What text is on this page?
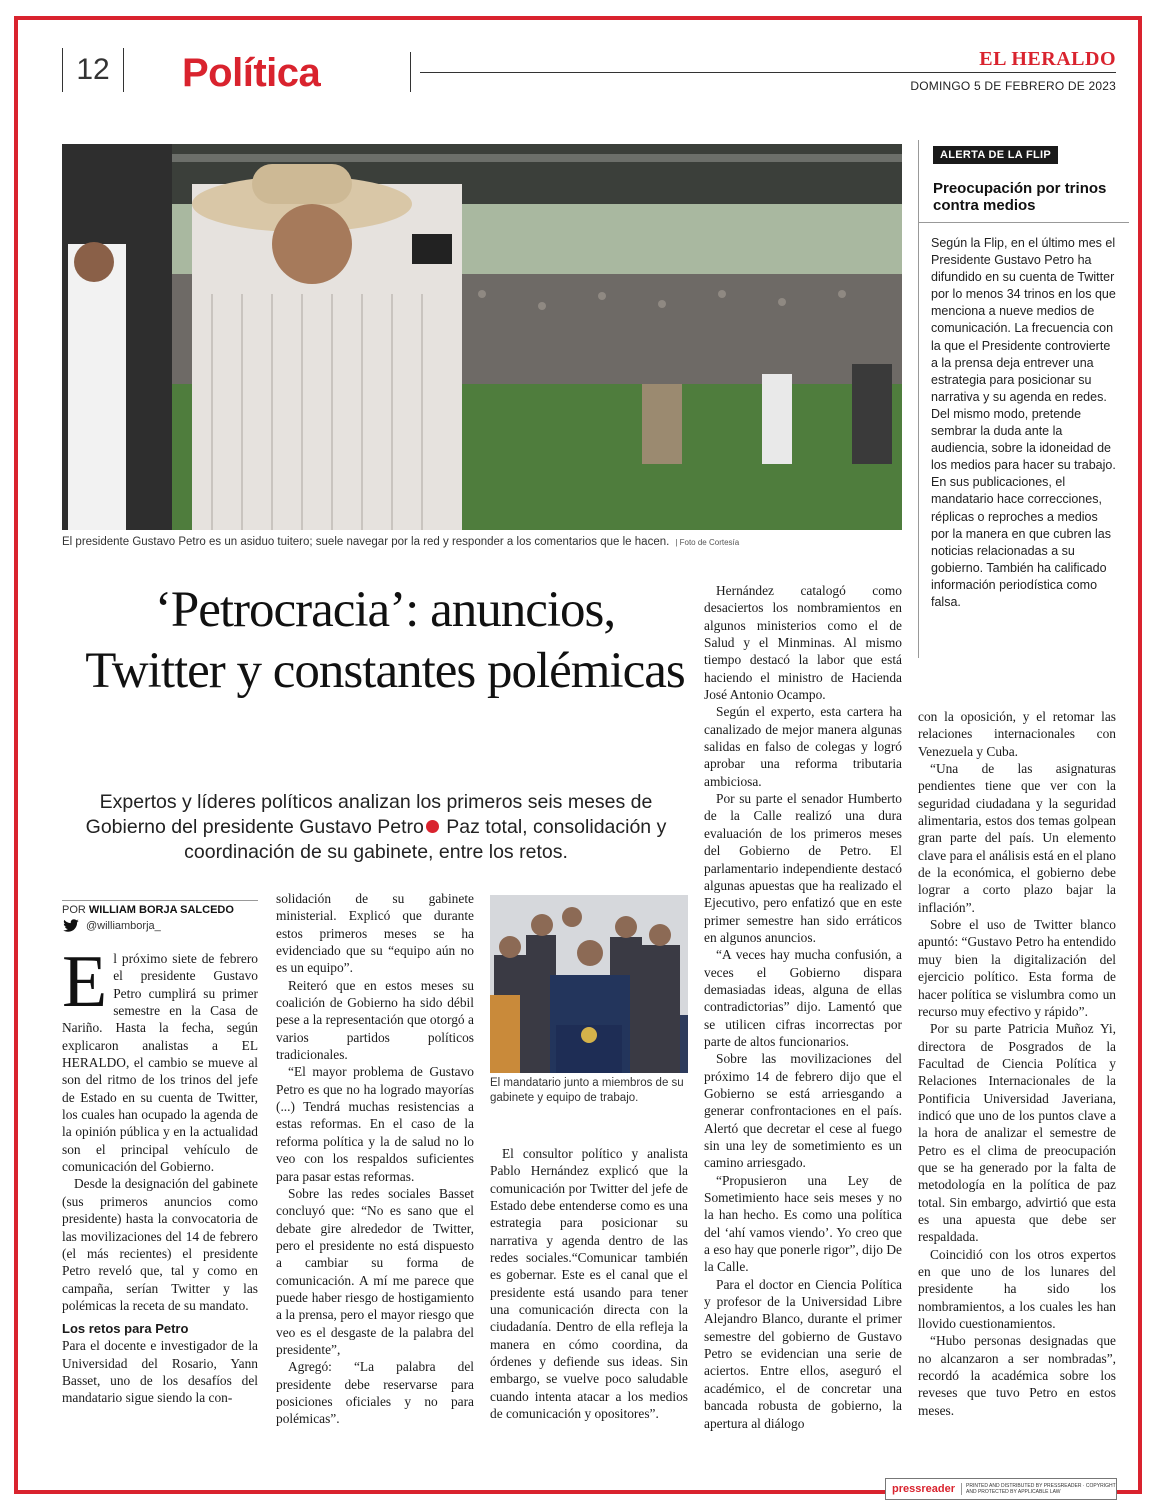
12	Política	EL HERALDO
DOMINGO 5 DE FEBRERO DE 2023
El presidente Gustavo Petro es un asiduo tuitero; suele navegar por la red y responder a los comentarios que le hacen. | Foto de Cortesía
ALERTA DE LA FLIP
Preocupación por trinos contra medios
Según la Flip, en el último mes el Presidente Gustavo Petro ha difundido en su cuenta de Twitter por lo menos 34 trinos en los que menciona a nueve medios de comunicación. La frecuencia con la que el Presidente controvierte a la prensa deja entrever una estrategia para posicionar su narrativa y su agenda en redes. Del mismo modo, pretende sembrar la duda ante la audiencia, sobre la idoneidad de los medios para hacer su trabajo. En sus publicaciones, el mandatario hace correcciones, réplicas o reproches a medios por la manera en que cubren las noticias relacionadas a su gobierno. También ha calificado información periodística como falsa.
‘Petrocracia’: anuncios, Twitter y constantes polémicas
Expertos y líderes políticos analizan los primeros seis meses de Gobierno del presidente Gustavo Petro Paz total, consolidación y coordinación de su gabinete, entre los retos.
POR WILLIAM BORJA SALCEDO
@williamborja_

El próximo siete de febrero el presidente Gustavo Petro cumplirá su primer semestre en la Casa de Nariño. Hasta la fecha, según explicaron analistas a EL HERALDO, el cambio se mueve al son del ritmo de los trinos del jefe de Estado en su cuenta de Twitter, los cuales han ocupado la agenda de la opinión pública y en la actualidad son el principal vehículo de comunicación del Gobierno.

Desde la designación del gabinete (sus primeros anuncios como presidente) hasta la convocatoria de las movilizaciones del 14 de febrero (el más recientes) el presidente Petro reveló que, tal y como en campaña, serían Twitter y las polémicas la receta de su mandato.

Los retos para Petro

Para el docente e investigador de la Universidad del Rosario, Yann Basset, uno de los desafíos del mandatario sigue siendo la con-

solidación de su gabinete ministerial. Explicó que durante estos primeros meses se ha evidenciado que su “equipo aún no es un equipo”.

Reiteró que en estos meses su coalición de Gobierno ha sido débil pese a la representación que otorgó a varios partidos políticos tradicionales.

“El mayor problema de Gustavo Petro es que no ha logrado mayorías (...) Tendrá muchas resistencias a estas reformas. En el caso de la reforma política y la de salud no lo veo con los respaldos suficientes para pasar estas reformas.

Sobre las redes sociales Basset concluyó que: “No es sano que el debate gire alrededor de Twitter, pero el presidente no está dispuesto a cambiar su forma de comunicación. A mí me parece que puede haber riesgo de hostigamiento a la prensa, pero el mayor riesgo que veo es el desgaste de la palabra del presidente”,

Agregó: “La palabra del presidente debe reservarse para posiciones oficiales y no para polémicas”.

El mandatario junto a miembros de su gabinete y equipo de trabajo.

El consultor político y analista Pablo Hernández explicó que la comunicación por Twitter del jefe de Estado debe entenderse como es una estrategia para posicionar su narrativa y agenda dentro de las redes sociales.“Comunicar también es gobernar. Este es el canal que el presidente está usando para tener una comunicación directa con la ciudadanía. Dentro de ella refleja la manera en cómo coordina, da órdenes y defiende sus ideas. Sin embargo, se vuelve poco saludable cuando intenta atacar a los medios de comunicación y opositores”.

Hernández catalogó como desaciertos los nombramientos en algunos ministerios como el de Salud y el Minminas. Al mismo tiempo destacó la labor que está haciendo el ministro de Hacienda José Antonio Ocampo.

Según el experto, esta cartera ha canalizado de mejor manera algunas salidas en falso de colegas y logró aprobar una reforma tributaria ambiciosa.

Por su parte el senador Humberto de la Calle realizó una dura evaluación de los primeros meses del Gobierno de Petro. El parlamentario independiente destacó algunas apuestas que ha realizado el Ejecutivo, pero enfatizó que en este primer semestre han sido erráticos en algunos anuncios.

“A veces hay mucha confusión, a veces el Gobierno dispara demasiadas ideas, alguna de ellas contradictorias” dijo. Lamentó que se utilicen cifras incorrectas por parte de altos funcionarios.

Sobre las movilizaciones del próximo 14 de febrero dijo que el Gobierno se está arriesgando a generar confrontaciones en el país. Alertó que decretar el cese al fuego sin una ley de sometimiento es un camino arriesgado.

“Propusieron una Ley de Sometimiento hace seis meses y no la han hecho. Es como una política del ‘ahí vamos viendo’. Yo creo que a eso hay que ponerle rigor”, dijo De la Calle.

Para el doctor en Ciencia Política y profesor de la Universidad Libre Alejandro Blanco, durante el primer semestre del gobierno de Gustavo Petro se evidencian una serie de aciertos. Entre ellos, aseguró el académico, el de concretar una bancada robusta de gobierno, la apertura al diálogo

con la oposición, y el retomar las relaciones internacionales con Venezuela y Cuba.

“Una de las asignaturas pendientes tiene que ver con la seguridad ciudadana y la seguridad alimentaria, estos dos temas golpean gran parte del país. Un elemento clave para el análisis está en el plano de la económica, el gobierno debe lograr a corto plazo bajar la inflación”.

Sobre el uso de Twitter blanco apuntó: “Gustavo Petro ha entendido muy bien la digitalización del ejercicio político. Esta forma de hacer política se vislumbra como un recurso muy efectivo y rápido”.

Por su parte Patricia Muñoz Yi, directora de Posgrados de la Facultad de Ciencia Política y Relaciones Internacionales de la Pontificia Universidad Javeriana, indicó que uno de los puntos clave a la hora de analizar el semestre de Petro es el clima de preocupación que se ha generado por la falta de metodología en la política de paz total. Sin embargo, advirtió que esta es una apuesta que debe ser respaldada.

Coincidió con los otros expertos en que uno de los lunares del presidente ha sido los nombramientos, a los cuales les han llovido cuestionamientos.

“Hubo personas designadas que no alcanzaron a ser nombradas”, recordó la académica sobre los reveses que tuvo Petro en estos meses.

pressreader	PRINTED AND DISTRIBUTED BY PRESSREADER · COPYRIGHT AND PROTECTED BY APPLICABLE LAW
